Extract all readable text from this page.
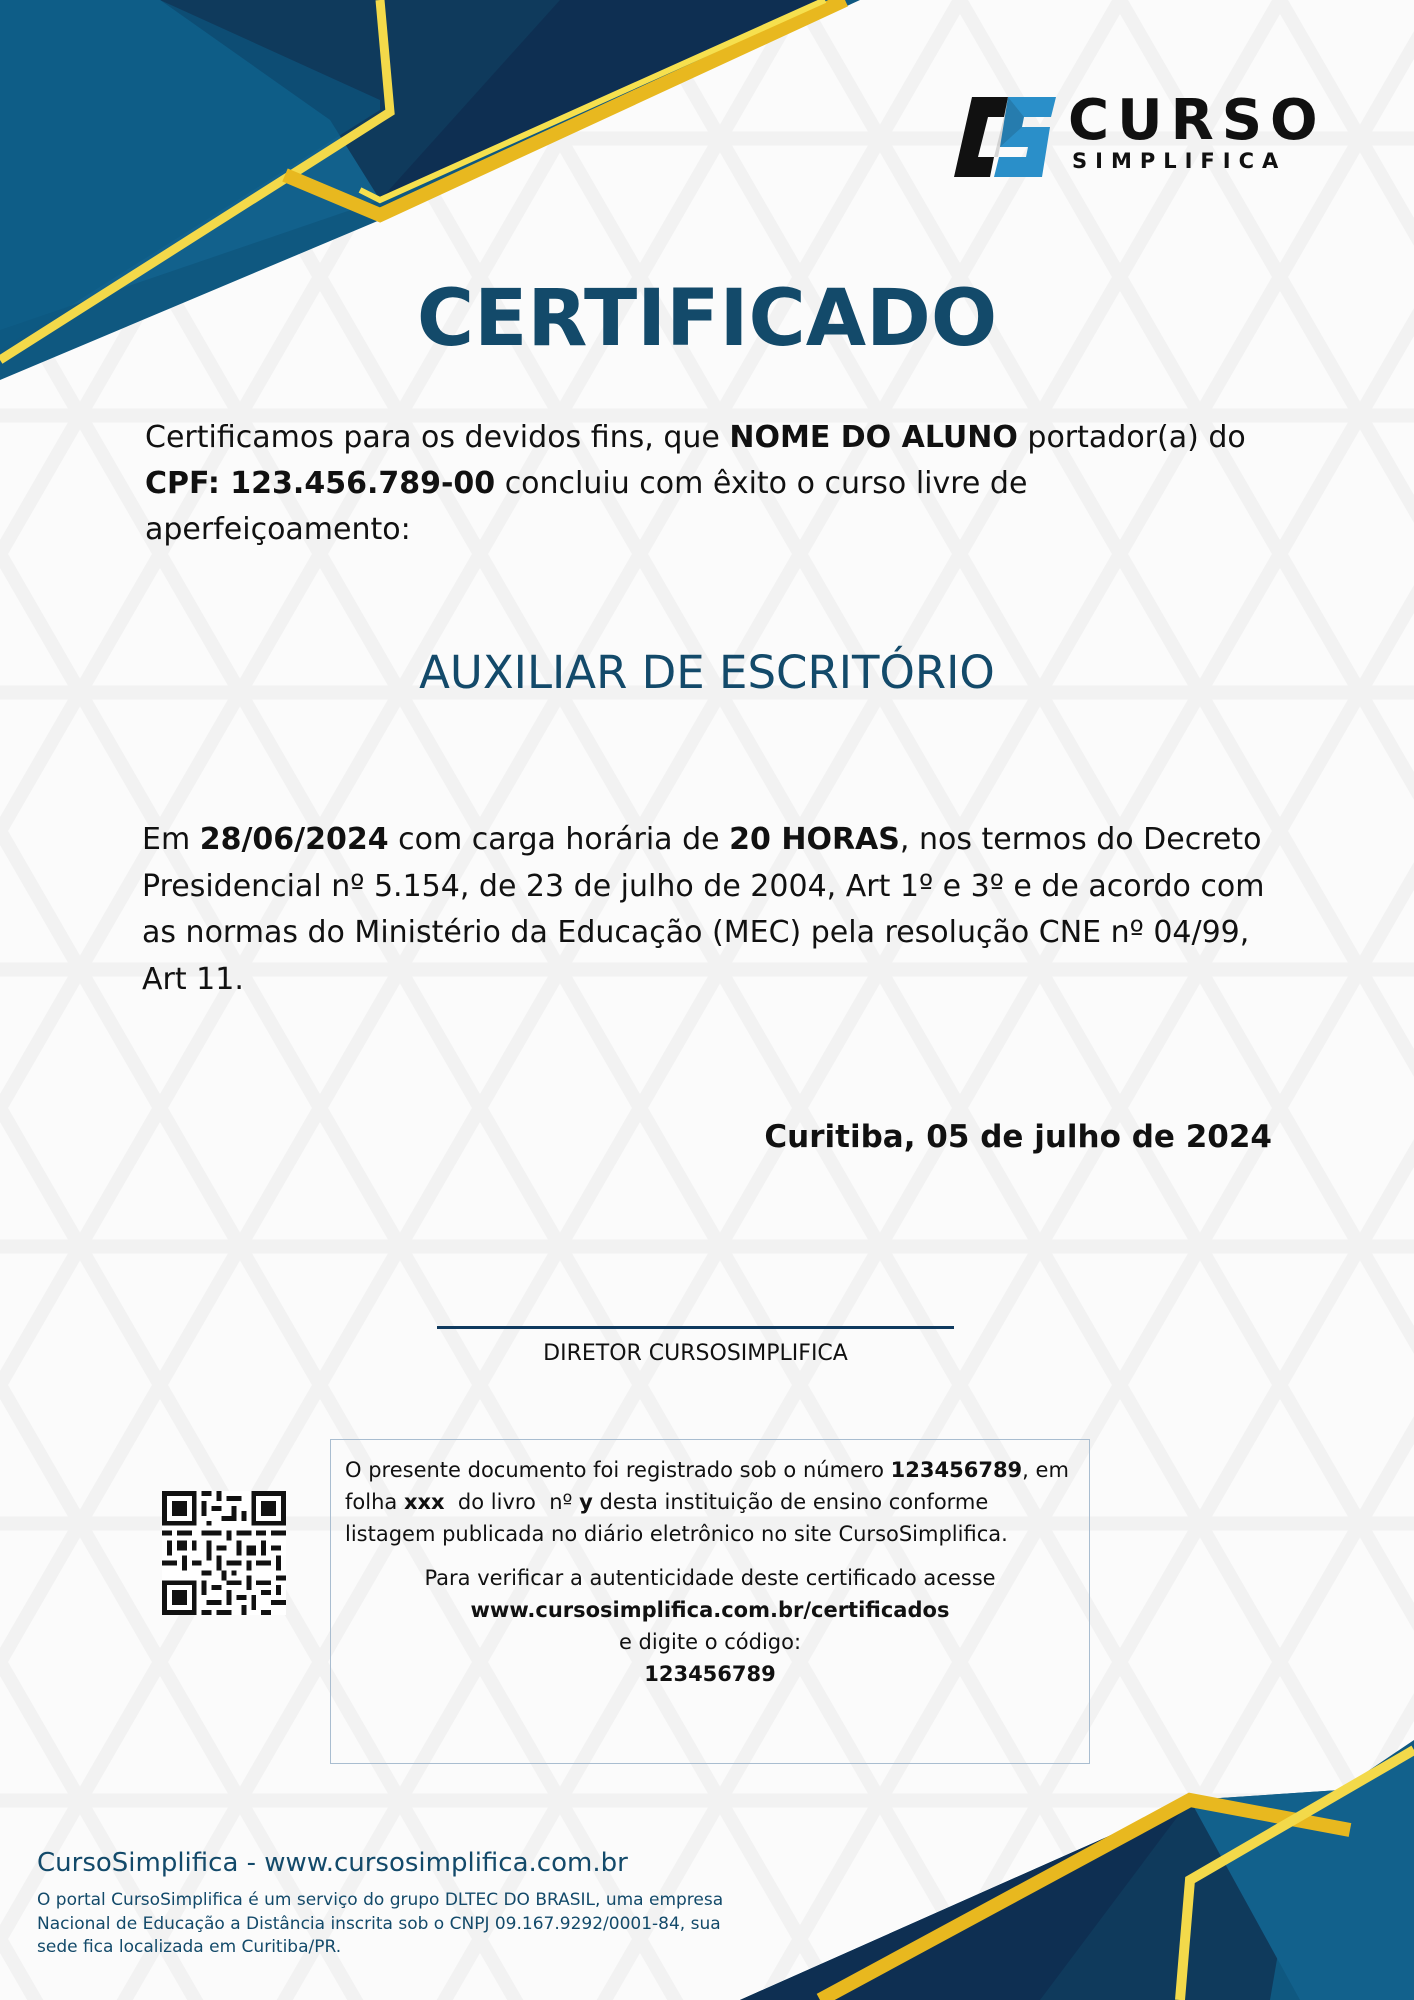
CURSO
SIMPLIFICA
CERTIFICADO
Certificamos para os devidos fins, que NOME DO ALUNO portador(a) do CPF: 123.456.789-00 concluiu com êxito o curso livre de aperfeiçoamento:
AUXILIAR DE ESCRITÓRIO
Em 28/06/2024 com carga horária de 20 HORAS, nos termos do Decreto Presidencial nº 5.154, de 23 de julho de 2004, Art 1º e 3º e de acordo com as normas do Ministério da Educação (MEC) pela resolução CNE nº 04/99, Art 11.
Curitiba, 05 de julho de 2024
DIRETOR CURSOSIMPLIFICA

O presente documento foi registrado sob o número 123456789, em folha xxx  do livro  nº y desta instituição de ensino conforme listagem publicada no diário eletrônico no site CursoSimplifica.

Para verificar a autenticidade deste certificado acesse
www.cursosimplifica.com.br/certificados
e digite o código:
123456789
CursoSimplifica - www.cursosimplifica.com.br
O portal CursoSimplifica é um serviço do grupo DLTEC DO BRASIL, uma empresa Nacional de Educação a Distância inscrita sob o CNPJ 09.167.9292/0001-84, sua sede fica localizada em Curitiba/PR.
